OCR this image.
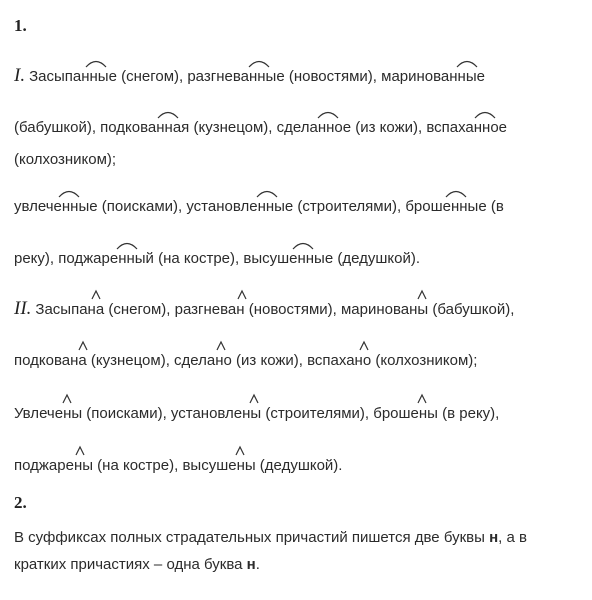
1.
I. Засыпанные
(снегом), разгневанные
(новостями), маринованные
(бабушкой), подкованная
(кузнецом), сделанное
(из кожи), вспаханное
(колхозником);
увлеченные
(поисками), установленные
(строителями), брошенные
(в
реку), поджаренный
(на костре), высушенные
(дедушкой).
II. Засыпана
(снегом), разгневан
(новостями), маринованы
(бабушкой),
подкована
(кузнецом), сделано
(из кожи), вспахано
(колхозником);
Увлечены
(поисками), установлены
(строителями), брошены
(в реку),
поджарены
(на костре), высушены
(дедушкой).
2.
В суффиксах полных страдательных причастий пишется две буквы н, а в
кратких причастиях – одна буква н.
